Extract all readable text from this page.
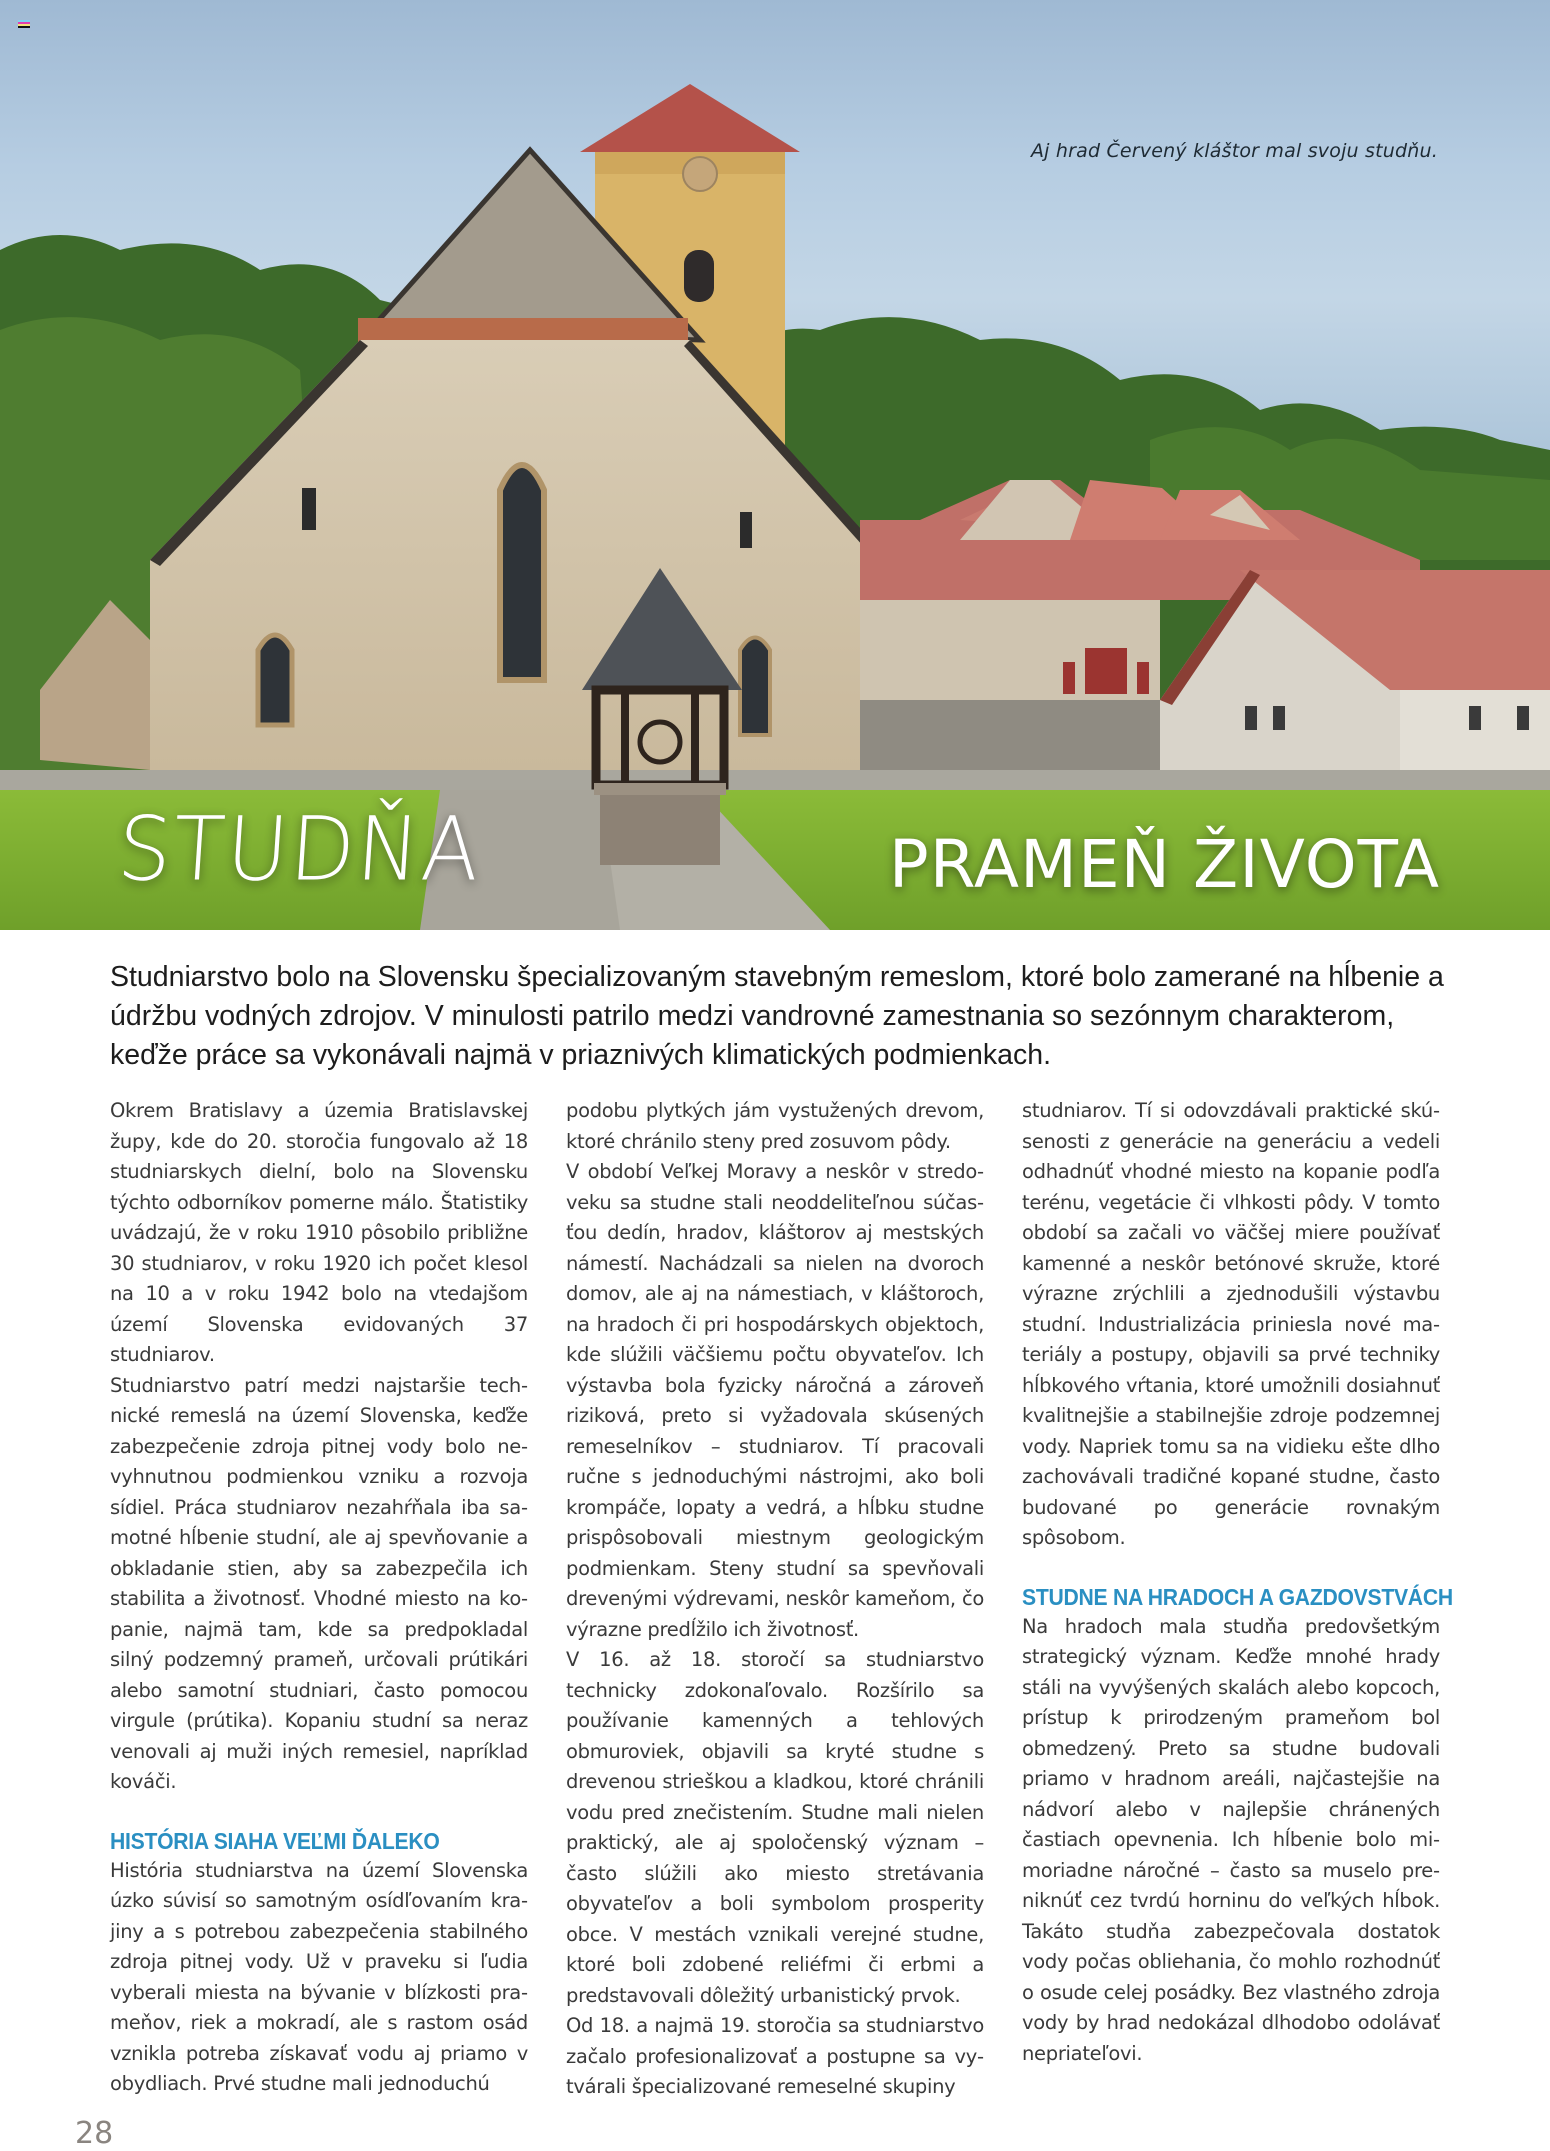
Aj hrad Červený kláštor mal svoju studňu.
STUDŇA	PRAMEŇ ŽIVOTA

Studniarstvo bolo na Slovensku špecializovaným stavebným remeslom, ktoré bolo zamerané na hĺbenie a údržbu vodných zdrojov. V minulosti patrilo medzi vandrovné zamestnania so sezónnym charakterom, keďže práce sa vykonávali najmä v priaznivých klimatických podmienkach.

Okrem Bratislavy a územia Bratislavskej župy, kde do 20. storočia fungovalo až 18 studniarskych dielní, bolo na Slovensku týchto odborníkov pomerne málo. Štatistiky uvádzajú, že v roku 1910 pôsobilo približne 30 studniarov, v roku 1920 ich počet klesol na 10 a v roku 1942 bolo na vtedajšom území Slovenska evidovaných 37 studniarov.

Studniarstvo patrí medzi najstaršie technické remeslá na území Slovenska, keďže zabezpečenie zdroja pitnej vody bolo nevyhnutnou podmienkou vzniku a rozvoja sídiel. Práca studniarov nezahŕňala iba samotné hĺbenie studní, ale aj spevňovanie a obkladanie stien, aby sa zabezpečila ich stabilita a životnosť. Vhodné miesto na kopanie, najmä tam, kde sa predpokladal silný podzemný prameň, určovali prútikári alebo samotní studniari, často pomocou virgule (prútika). Kopaniu studní sa neraz venovali aj muži iných remesiel, napríklad kováči.

HISTÓRIA SIAHA VEĽMI ĎALEKO

História studniarstva na území Slovenska úzko súvisí so samotným osídľovaním krajiny a s potrebou zabezpečenia stabilného zdroja pitnej vody. Už v praveku si ľudia vyberali miesta na bývanie v blízkosti prameňov, riek a mokradí, ale s rastom osád vznikla potreba získavať vodu aj priamo v obydliach. Prvé studne mali jednoduchú

podobu plytkých jám vystužených drevom, ktoré chránilo steny pred zosuvom pôdy.

V období Veľkej Moravy a neskôr v stredoveku sa studne stali neoddeliteľnou súčasťou dedín, hradov, kláštorov aj mestských námestí. Nachádzali sa nielen na dvoroch domov, ale aj na námestiach, v kláštoroch, na hradoch či pri hospodárskych objektoch, kde slúžili väčšiemu počtu obyvateľov. Ich výstavba bola fyzicky náročná a zároveň riziková, preto si vyžadovala skúsených remeselníkov – studniarov. Tí pracovali ručne s jednoduchými nástrojmi, ako boli krompáče, lopaty a vedrá, a hĺbku studne prispôsobovali miestnym geologickým podmienkam. Steny studní sa spevňovali drevenými výdrevami, neskôr kameňom, čo výrazne predĺžilo ich životnosť.

V 16. až 18. storočí sa studniarstvo technicky zdokonaľovalo. Rozšírilo sa používanie kamenných a tehlových obmuroviek, objavili sa kryté studne s drevenou strieškou a kladkou, ktoré chránili vodu pred znečistením. Studne mali nielen praktický, ale aj spoločenský význam – často slúžili ako miesto stretávania obyvateľov a boli symbolom prosperity obce. V mestách vznikali verejné studne, ktoré boli zdobené reliéfmi či erbmi a predstavovali dôležitý urbanistický prvok.

Od 18. a najmä 19. storočia sa studniarstvo začalo profesionalizovať a postupne sa vytvárali špecializované remeselné skupiny

studniarov. Tí si odovzdávali praktické skúsenosti z generácie na generáciu a vedeli odhadnúť vhodné miesto na kopanie podľa terénu, vegetácie či vlhkosti pôdy. V tomto období sa začali vo väčšej miere používať kamenné a neskôr betónové skruže, ktoré výrazne zrýchlili a zjednodušili výstavbu studní. Industrializácia priniesla nové materiály a postupy, objavili sa prvé techniky hĺbkového vŕtania, ktoré umožnili dosiahnuť kvalitnejšie a stabilnejšie zdroje podzemnej vody. Napriek tomu sa na vidieku ešte dlho zachovávali tradičné kopané studne, často budované po generácie rovnakým spôsobom.

STUDNE NA HRADOCH A GAZDOVSTVÁCH

Na hradoch mala studňa predovšetkým strategický význam. Keďže mnohé hrady stáli na vyvýšených skalách alebo kopcoch, prístup k prirodzeným prameňom bol obmedzený. Preto sa studne budovali priamo v hradnom areáli, najčastejšie na nádvorí alebo v najlepšie chránených častiach opevnenia. Ich hĺbenie bolo mimoriadne náročné – často sa muselo preniknúť cez tvrdú horninu do veľkých hĺbok. Takáto studňa zabezpečovala dostatok vody počas obliehania, čo mohlo rozhodnúť o osude celej posádky. Bez vlastného zdroja vody by hrad nedokázal dlhodobo odolávať nepriateľovi.

28
